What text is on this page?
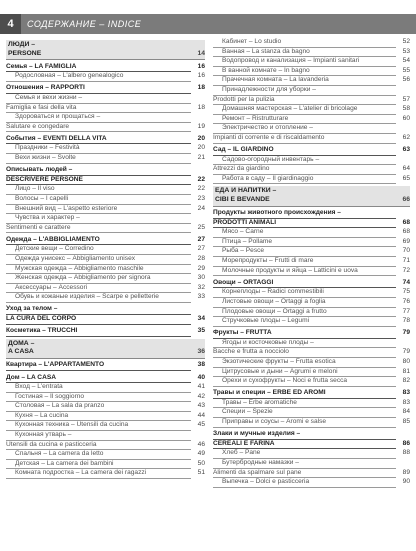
4	СОДЕРЖАНИЕ – INDICE
ЛЮДИ –
PERSONE	14
Семья – LA FAMIGLIA	16
Родословная – L'albero genealogico	16
Отношения – RAPPORTI	18
Семья и вехи жизни –
Famiglia e fasi della vita	18
Здороваться и прощаться –
Salutare e congedare	19
События – EVENTI DELLA VITA	20
Праздники – Festività	20
Вехи жизни – Svolte	21
Описывать людей –
DESCRIVERE PERSONE	22
Лицо – Il viso	22
Волосы – I capelli	23
Внешний вид – L'aspetto esteriore	24
Чувства и характер –
Sentimenti e carattere	25
Одежда – L'ABBIGLIAMENTO	27
Детские вещи – Corredino	27
Одежда унисекс – Abbigliamento unisex	28
Мужская одежда – Abbigliamento maschile	29
Женская одежда – Abbigliamento per signora	30
Аксессуары – Accessori	32
Обувь и кожаные изделия – Scarpe e pelletterie	33
Уход за телом –
LA CURA DEL CORPO	34
Косметика – TRUCCHI	35
ДОМА –
A CASA	36
Квартира – L'APPARTAMENTO	38
Дом – LA CASA	40
Вход – L'entrata	41
Гостиная – Il soggiorno	42
Столовая – La sala da pranzo	43
Кухня – La cucina	44
Кухонная техника – Utensili da cucina	45
Кухонная утварь –
Utensili da cucina e pasticceria	46
Спальня – La camera da letto	49
Детская – La camera dei bambini	50
Комната подростка – La camera dei ragazzi	51
Кабинет – Lo studio	52
Ванная – La stanza da bagno	53
Водопровод и канализация – Impianti sanitari	54
В ванной комнате – In bagno	55
Прачечная комната – La lavanderia	56
Принадлежности для уборки –
Prodotti per la pulizia	57
Домашняя мастерская – L'atelier di bricolage	58
Ремонт – Ristrutturare	60
Электричество и отопление –
Impianti di corrente e di riscaldamento	62
Сад – IL GIARDINO	63
Садово-огородный инвентарь –
Attrezzi da giardino	64
Работа в саду – Il giardinaggio	65
ЕДА И НАПИТКИ –
CIBI E BEVANDE	66
Продукты животного происхождения –
PRODOTTI ANIMALI	68
Мясо – Carne	68
Птица – Pollame	69
Рыба – Pesce	70
Морепродукты – Frutti di mare	71
Молочные продукты и яйца – Latticini e uova	72
Овощи – ORTAGGI	74
Корнеплоды – Radici commestibili	75
Листовые овощи – Ortaggi a foglia	76
Плодовые овощи – Ortaggi a frutto	77
Стручковые плоды – Legumi	78
Фрукты – FRUTTA	79
Ягоды и косточковые плоды –
Bacche e frutta a nocciolo	79
Экзотические фрукты – Frutta esotica	80
Цитрусовые и дыни – Agrumi e meloni	81
Орехи и сухофрукты – Noci e frutta secca	82
Травы и специи – ERBE ED AROMI	83
Травы – Erbe aromatiche	83
Специи – Spezie	84
Приправы и соусы – Aromi e salse	85
Злаки и мучные изделия –
CEREALI E FARINA	86
Хлеб – Pane	88
Бутербродные намазки –
Alimenti da spalmare sul pane	89
Выпечка – Dolci e pasticceria	90
